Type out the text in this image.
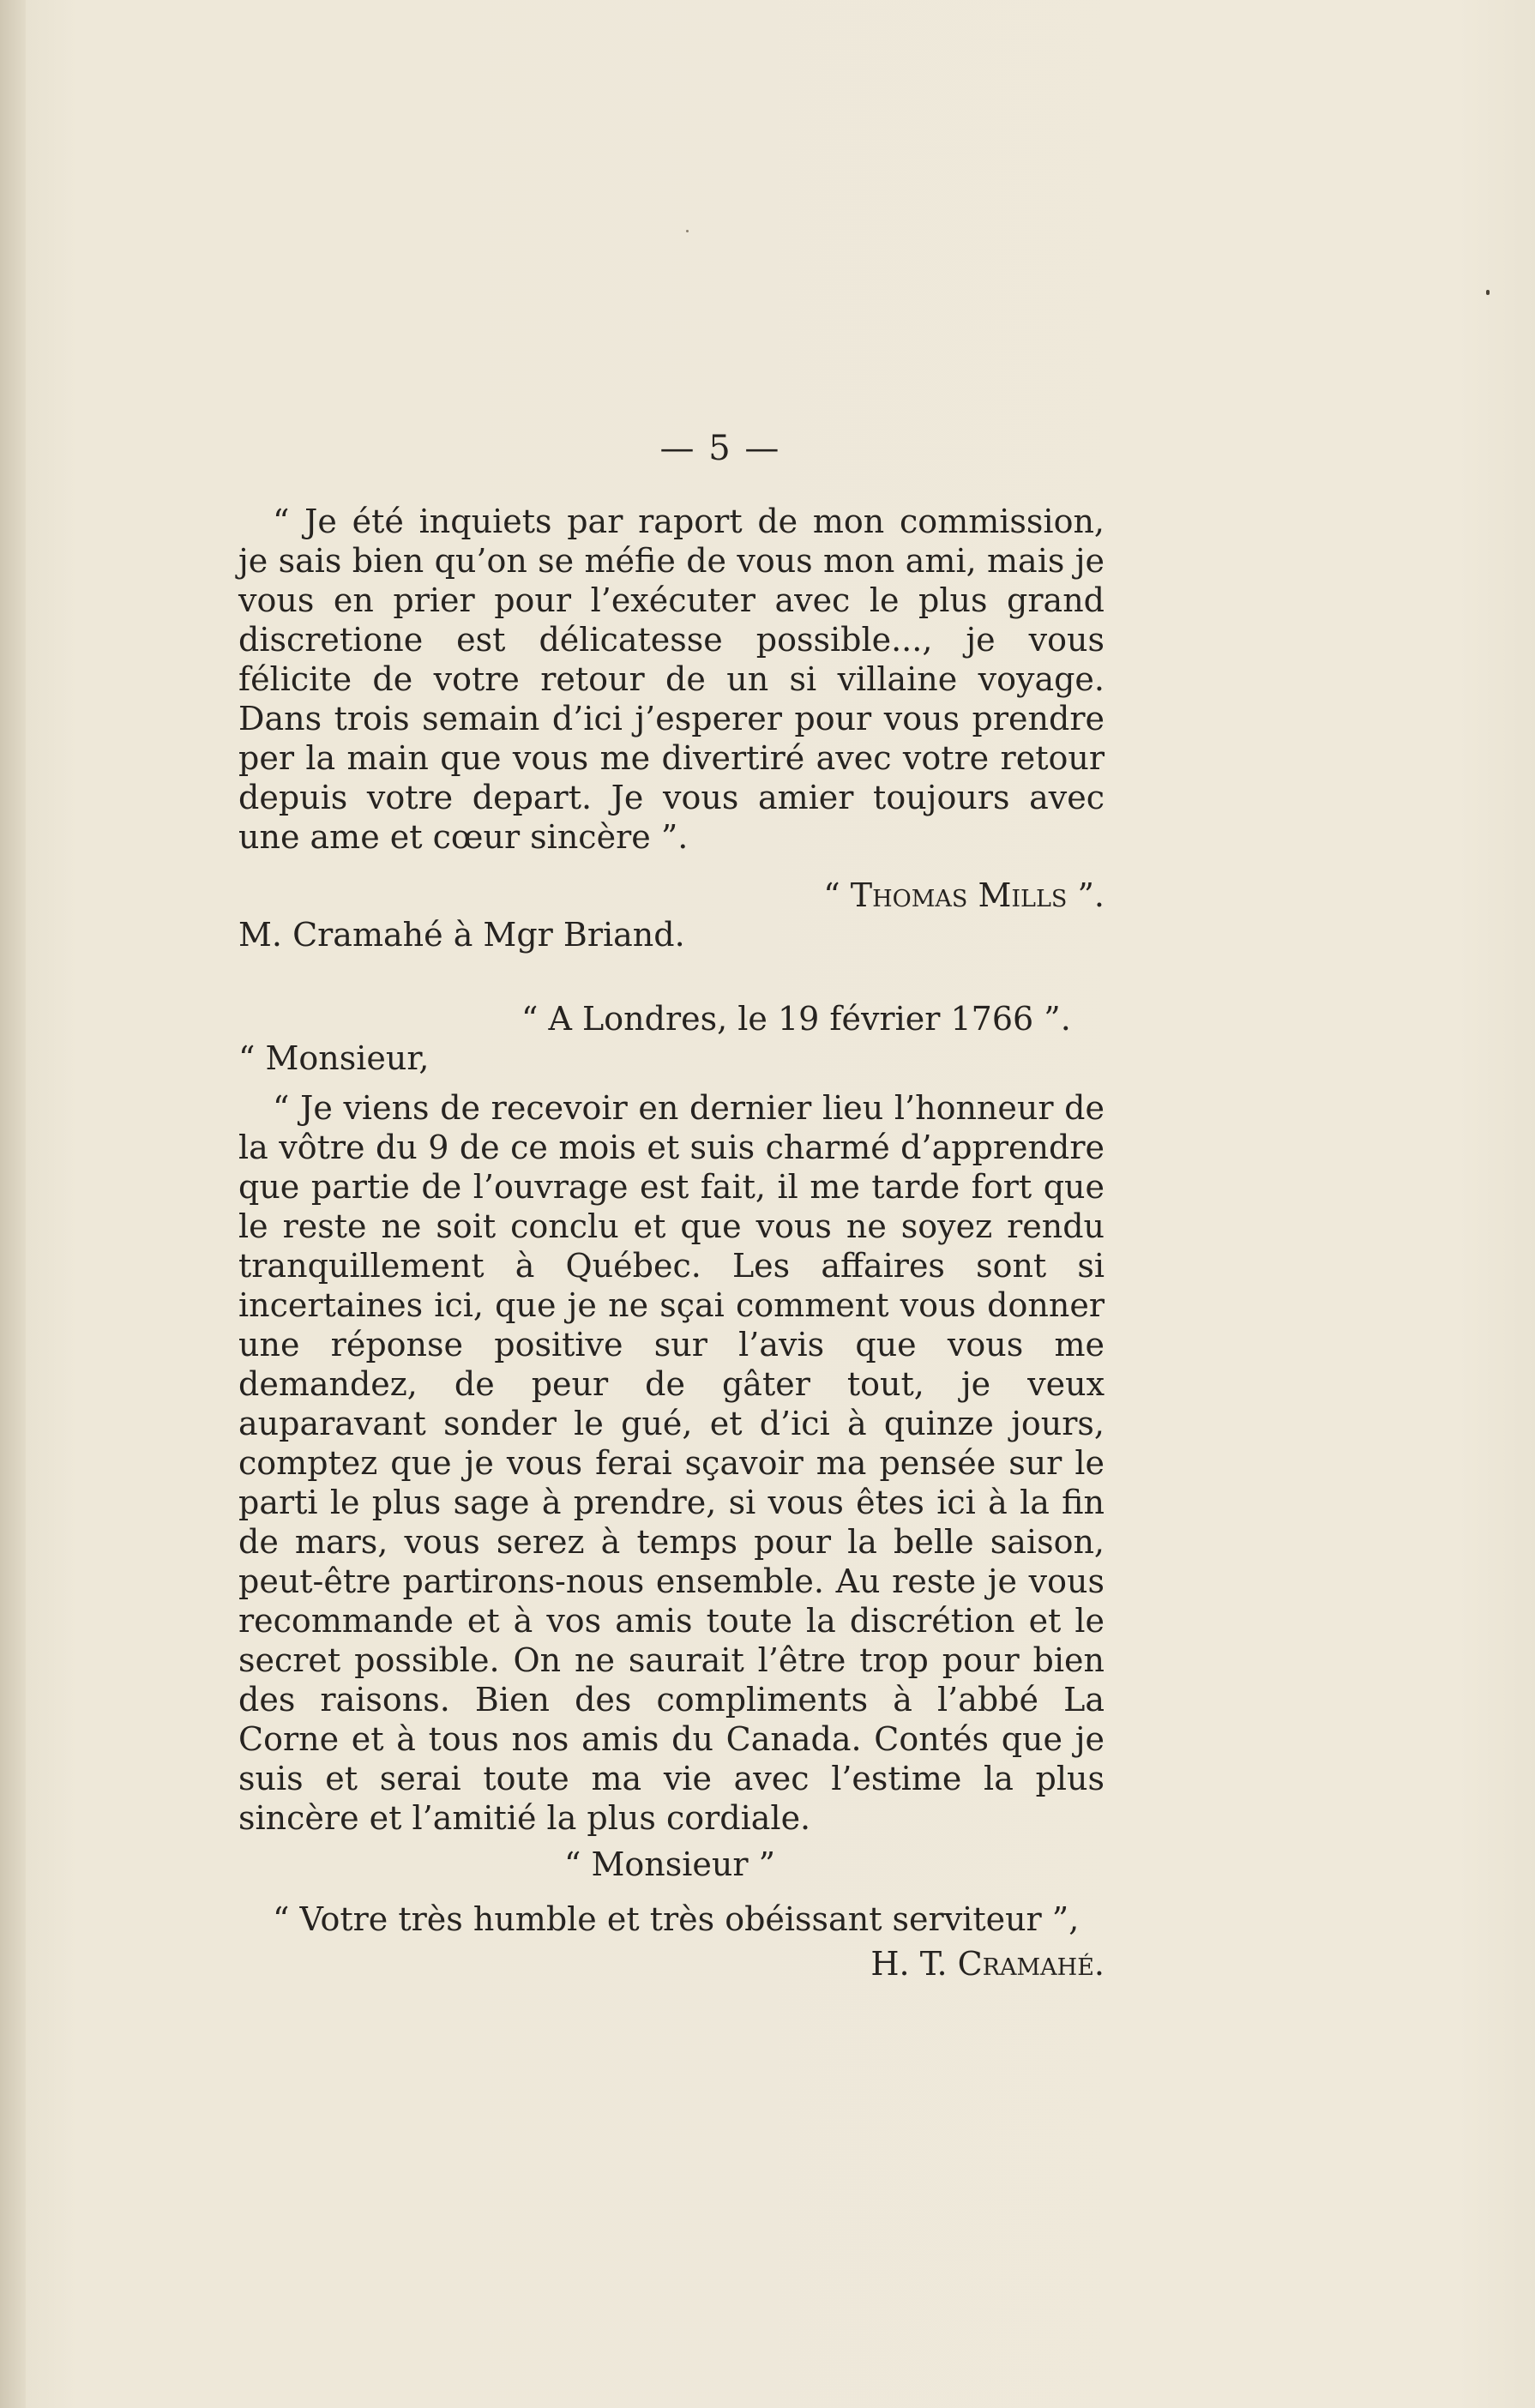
— 5 —

“ Je été inquiets par raport de mon commission, je sais bien qu’on se méfie de vous mon ami, mais je vous en prier pour l’exécuter avec le plus grand discretione est délicatesse possible..., je vous félicite de votre retour de un si villaine voyage. Dans trois semain d’ici j’esperer pour vous prendre per la main que vous me divertiré avec votre retour depuis votre depart. Je vous amier toujours avec une ame et cœur sincère ”.

“ Thomas Mills ”.

M. Cramahé à Mgr Briand.

“ A Londres, le 19 février 1766 ”.

“ Monsieur,

“ Je viens de recevoir en dernier lieu l’honneur de la vôtre du 9 de ce mois et suis charmé d’apprendre que partie de l’ouvrage est fait, il me tarde fort que le reste ne soit conclu et que vous ne soyez rendu tranquillement à Québec. Les affaires sont si incertaines ici, que je ne sçai comment vous donner une réponse positive sur l’avis que vous me demandez, de peur de gâter tout, je veux auparavant sonder le gué, et d’ici à quinze jours, comptez que je vous ferai sçavoir ma pensée sur le parti le plus sage à prendre, si vous êtes ici à la fin de mars, vous serez à temps pour la belle saison, peut-être partirons-nous ensemble. Au reste je vous recommande et à vos amis toute la discrétion et le secret possible. On ne saurait l’être trop pour bien des raisons. Bien des compliments à l’abbé La Corne et à tous nos amis du Canada. Contés que je suis et serai toute ma vie avec l’estime la plus sincère et l’amitié la plus cordiale.

“ Monsieur ”

“ Votre très humble et très obéissant serviteur ”,

H. T. Cramahé.
